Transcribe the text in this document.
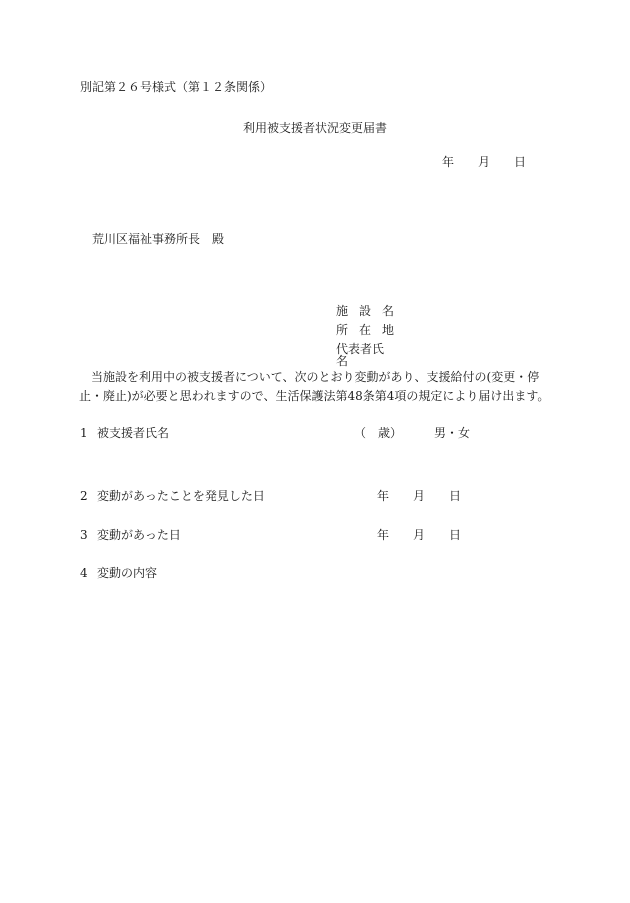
別記第２６号様式（第１２条関係）

利用被支援者状況変更届書

年　　月　　日

荒川区福祉事務所長　殿

施 設 名
所 在 地
代表者氏名

当施設を利用中の被支援者について、次のとおり変動があり、支援給付の(変更・停

止・廃止)が必要と思われますので、生活保護法第48条第4項の規定により届け出ます。

1 被支援者氏名	（　歳）	男・女
2 変動があったことを発見した日	年　　月　　日
3 変動があった日	年　　月　　日
4 変動の内容
